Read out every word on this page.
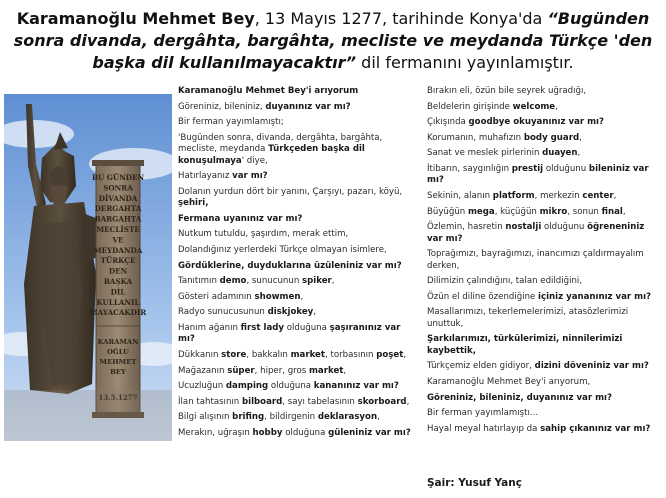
Karamanoğlu Mehmet Bey, 13 Mayıs 1277, tarihinde Konya'da “Bugünden sonra divanda, dergâhta, bargâhta, mecliste ve meydanda Türkçe 'den başka dil kullanılmayacaktır” dil fermanını yayınlamıştır.
BU GÜNDEN
SONRA
DİVANDA
DERGAHTA
BARGAHTA
MECLİSTE
VE
MEYDANDA
TÜRKÇE
DEN
BAŞKA
DİL
KULLANIL
MAYACAKDIR
KARAMAN
OĞLU
MEHMET
BEY
13.5.1277
Karamanoğlu Mehmet Bey'i arıyorum
Göreniniz, bileniniz, duyanınız var mı?
Bir ferman yayımlamıştı;
'Bugünden sonra, divanda, dergâhta, bargâhta, mecliste, meydanda Türkçeden başka dil konuşulmaya' diye,
Hatırlayanız var mı?
Dolanın yurdun dört bir yanını, Çarşıyı, pazarı, köyü, şehiri,
Fermana uyanınız var mı?
Nutkum tutuldu, şaşırdım, merak ettim,
Dolandığınız yerlerdeki Türkçe olmayan isimlere,
Gördüklerine, duyduklarına üzüleniniz var mı?
Tanıtımın demo, sunucunun spiker,
Gösteri adamının showmen,
Radyo sunucusunun diskjokey,
Hanım ağanın first lady olduğuna şaşıranınız var mı?
Dükkanın store, bakkalın market, torbasının poşet,
Mağazanın süper, hiper, gros market,
Ucuzluğun damping olduğuna kananınız var mı?
İlan tahtasının bilboard, sayı tabelasının skorboard,
Bilgi alışının brifing, bildirgenin deklarasyon,
Merakın, uğraşın hobby olduğuna güleniniz var mı?
Bırakın eli, özün bile seyrek uğradığı,
Beldelerin girişinde welcome,
Çıkışında goodbye okuyanınız var mı?
Korumanın, muhafızın body guard,
Sanat ve meslek pirlerinin duayen,
İtibarın, saygınlığın prestij olduğunu bileniniz var mı?
Sekinin, alanın platform, merkezin center,
Büyüğün mega, küçüğün mikro, sonun final,
Özlemin, hasretin nostalji olduğunu öğreneniniz var mı?
Toprağımızı, bayrağımızı, inancımızı çaldırmayalım derken,
Dilimizin çalındığını, talan edildiğini,
Özün el diline özendiğine içiniz yananınız var mı?
Masallarımızı, tekerlemelerimizi, atasözlerimizi unuttuk,
Şarkılarımızı, türkülerimizi, ninnilerimizi kaybettik,
Türkçemiz elden gidiyor, dizini döveniniz var mı?
Karamanoğlu Mehmet Bey'i arıyorum,
Göreniniz, bileniniz, duyanınız var mı?
Bir ferman yayımlamıştı...
Hayal meyal hatırlayıp da sahip çıkanınız var mı?
Şair: Yusuf Yanç
